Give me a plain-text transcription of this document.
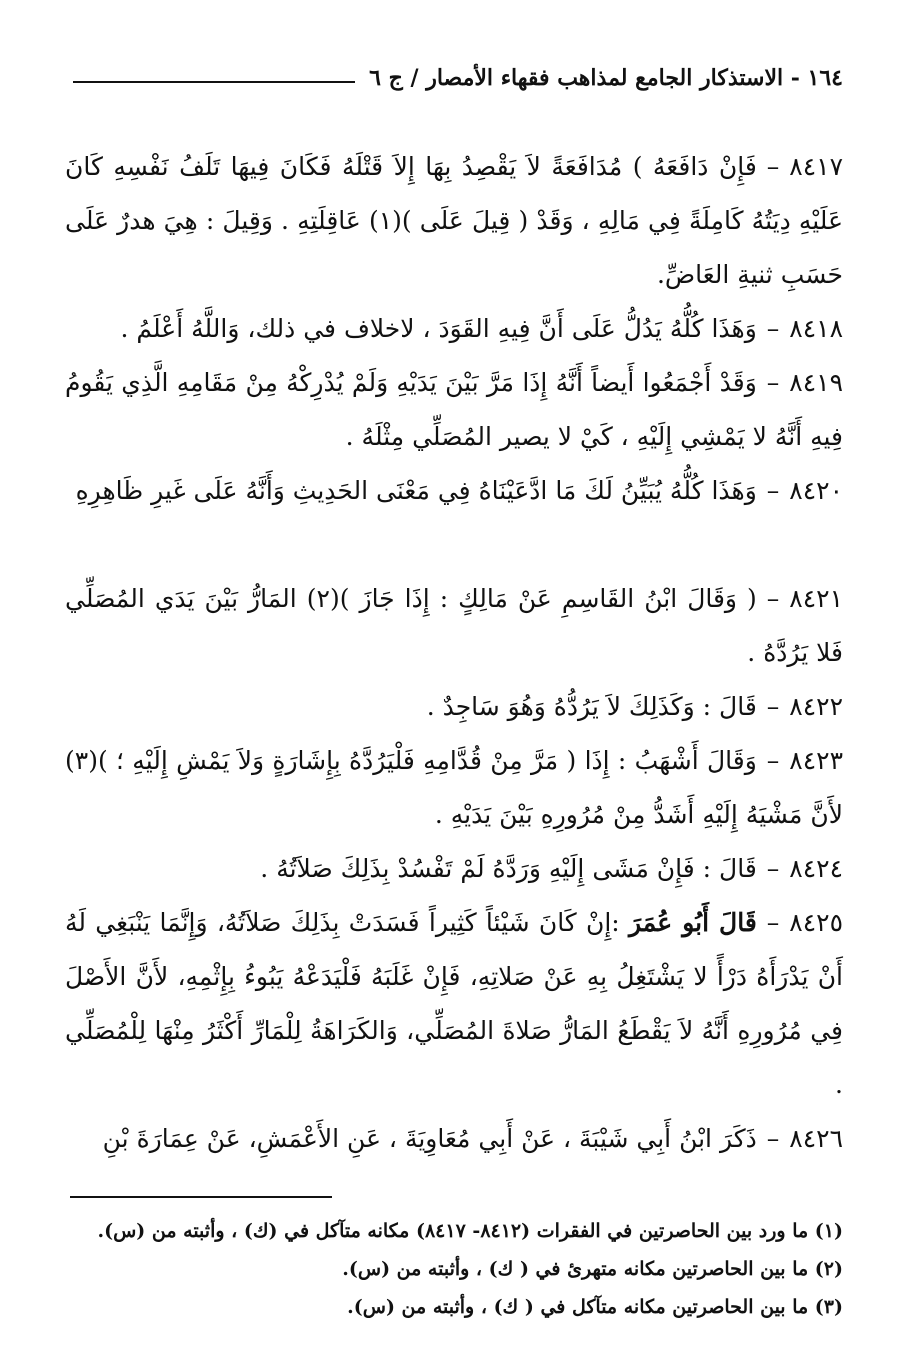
١٦٤ - الاستذكار الجامع لمذاهب فقهاء الأمصار / ج ٦

٨٤١٧–فَإِنْ دَافَعَهُ ) مُدَافَعَةً لاَ يَقْصِدُ بِهَا إِلاَ قَتْلَهُ فَكَانَ فِيهَا تَلَفُ نَفْسِهِ كَانَ عَلَيْهِ دِيَتُهُ كَامِلَةً فِي مَالِهِ ، وَقَدْ ( قِيلَ عَلَى )(١) عَاقِلَتِهِ . وَقِيلَ : هِيَ هدرٌ عَلَى حَسَبِ ثنيةِ العَاضِّ.

٨٤١٨–وَهَذَا كُلُّهُ يَدُلُّ عَلَى أَنَّ فِيهِ القَوَدَ ، لاخلاف في ذلك، وَاللَّهُ أَعْلَمُ .

٨٤١٩–وَقَدْ أَجْمَعُوا أَيضاً أَنَّهُ إِذَا مَرَّ بَيْنَ يَدَيْهِ وَلَمْ يُدْرِكْهُ مِنْ مَقَامِهِ الَّذِي يَقُومُ فِيهِ أَنَّهُ لا يَمْشِي إِلَيْهِ ، كَيْ لا يصير المُصَلِّي مِثْلَهُ .

٨٤٢٠–وَهَذَا كُلُّهُ يُبَيِّنُ لَكَ مَا ادَّعَيْنَاهُ فِي مَعْنَى الحَدِيثِ وَأَنَّهُ عَلَى غَيرِ ظَاهِرِهِ

٨٤٢١–( وَقَالَ ابْنُ القَاسِمِ عَنْ مَالِكٍ : إِذَا جَازَ )(٢) المَارُّ بَيْنَ يَدَي المُصَلِّي فَلا يَرُدَّهُ .

٨٤٢٢–قَالَ : وَكَذَلِكَ لاَ يَرُدُّهُ وَهُوَ سَاجِدٌ .

٨٤٢٣–وَقَالَ أَشْهَبُ : إِذَا ( مَرَّ مِنْ قُدَّامِهِ فَلْيَرُدَّهُ بِإِشَارَةٍ وَلاَ يَمْشِ إِلَيْهِ ؛ )(٣) لأَنَّ مَشْيَهُ إِلَيْهِ أَشَدُّ مِنْ مُرُورِهِ بَيْنَ يَدَيْهِ .

٨٤٢٤–قَالَ : فَإِنْ مَشَى إِلَيْهِ وَرَدَّهُ لَمْ تَفْسُدْ بِذَلِكَ صَلاَتُهُ .

٨٤٢٥–قَالَ أَبُو عُمَرَ :إِنْ كَانَ شَيْئاً كَثِيراً فَسَدَتْ بِذَلِكَ صَلاَتُهُ، وَإِنَّمَا يَنْبَغِي لَهُ أَنْ يَدْرَأَهُ دَرْأً لا يَشْتَغِلُ بِهِ عَنْ صَلاتِهِ، فَإِنْ غَلَبَهُ فَلْيَدَعْهُ يَبُوءُ بِإِثْمِهِ، لأَنَّ الأَصْلَ فِي مُرُورِهِ أَنَّهُ لاَ يَقْطَعُ المَارُّ صَلاةَ المُصَلِّي، وَالكَرَاهَةُ لِلْمَارِّ أَكْثَرُ مِنْهَا لِلْمُصَلِّي .

٨٤٢٦–ذَكَرَ ابْنُ أَبِي شَيْبَةَ ، عَنْ أَبِي مُعَاوِيَةَ ، عَنِ الأَعْمَشِ، عَنْ عِمَارَةَ بْنِ

(١) ما ورد بين الحاصرتين في الفقرات (٨٤١٢- ٨٤١٧) مكانه متآكل في (ك) ، وأثبته من (س).

(٢) ما بين الحاصرتين مكانه متهرئ في ( ك) ، وأثبته من (س).

(٣) ما بين الحاصرتين مكانه متآكل في ( ك) ، وأثبته من (س).
